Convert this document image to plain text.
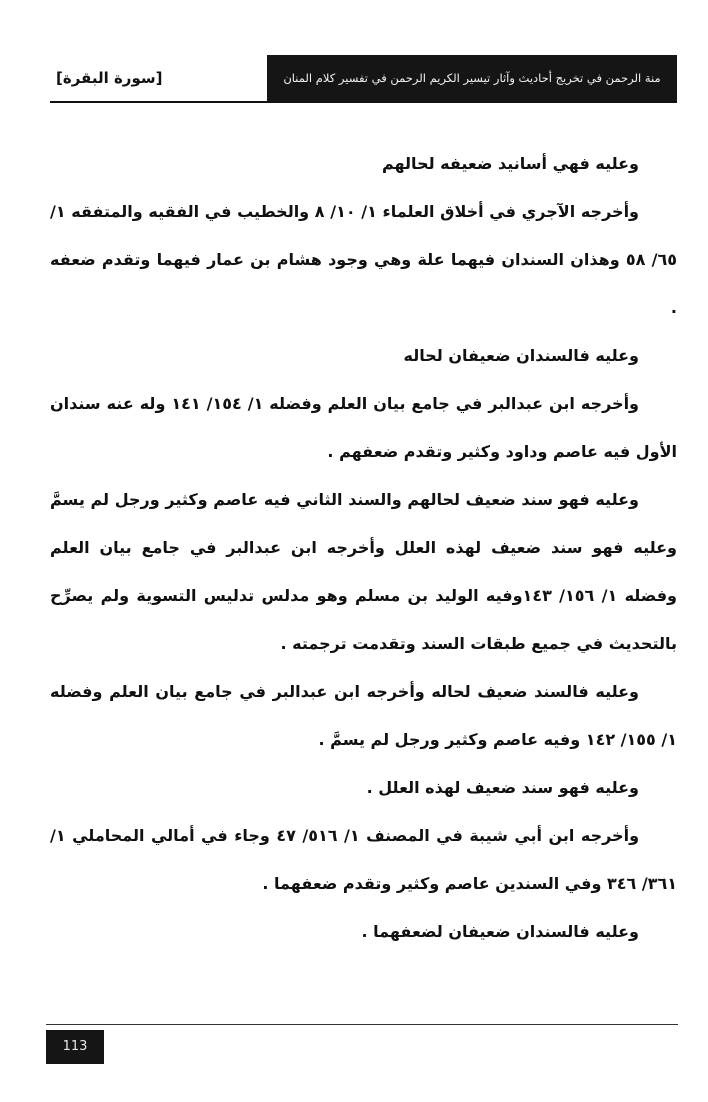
[سورة البقرة]	منة الرحمن في تخريج أحاديث وآثار تيسير الكريم الرحمن في تفسير كلام المنان

وعليه فهي أسانيد ضعيفه لحالهم

وأخرجه الآجري في أخلاق العلماء ١/ ١٠/ ٨ والخطيب في الفقيه والمتفقه ١/ ٦٥/ ٥٨ وهذان السندان فيهما علة وهي وجود هشام بن عمار فيهما وتقدم ضعفه .

وعليه فالسندان ضعيفان لحاله

وأخرجه ابن عبدالبر في جامع بيان العلم وفضله ١/ ١٥٤/ ١٤١ وله عنه سندان الأول فيه عاصم وداود وكثير وتقدم ضعفهم .

وعليه فهو سند ضعيف لحالهم والسند الثاني فيه عاصم وكثير ورجل لم يسمَّ وعليه فهو سند ضعيف لهذه العلل وأخرجه ابن عبدالبر في جامع بيان العلم وفضله ١/ ١٥٦/ ١٤٣وفيه الوليد بن مسلم وهو مدلس تدليس التسوية ولم يصرِّح بالتحديث في جميع طبقات السند وتقدمت ترجمته .

وعليه فالسند ضعيف لحاله وأخرجه ابن عبدالبر في جامع بيان العلم وفضله ١/ ١٥٥/ ١٤٢ وفيه عاصم وكثير ورجل لم يسمَّ .

وعليه فهو سند ضعيف لهذه العلل .

وأخرجه ابن أبي شيبة في المصنف ١/ ٥١٦/ ٤٧ وجاء في أمالي المحاملي ١/ ٣٦١/ ٣٤٦ وفي السندين عاصم وكثير وتقدم ضعفهما .

وعليه فالسندان ضعيفان لضعفهما .

113
